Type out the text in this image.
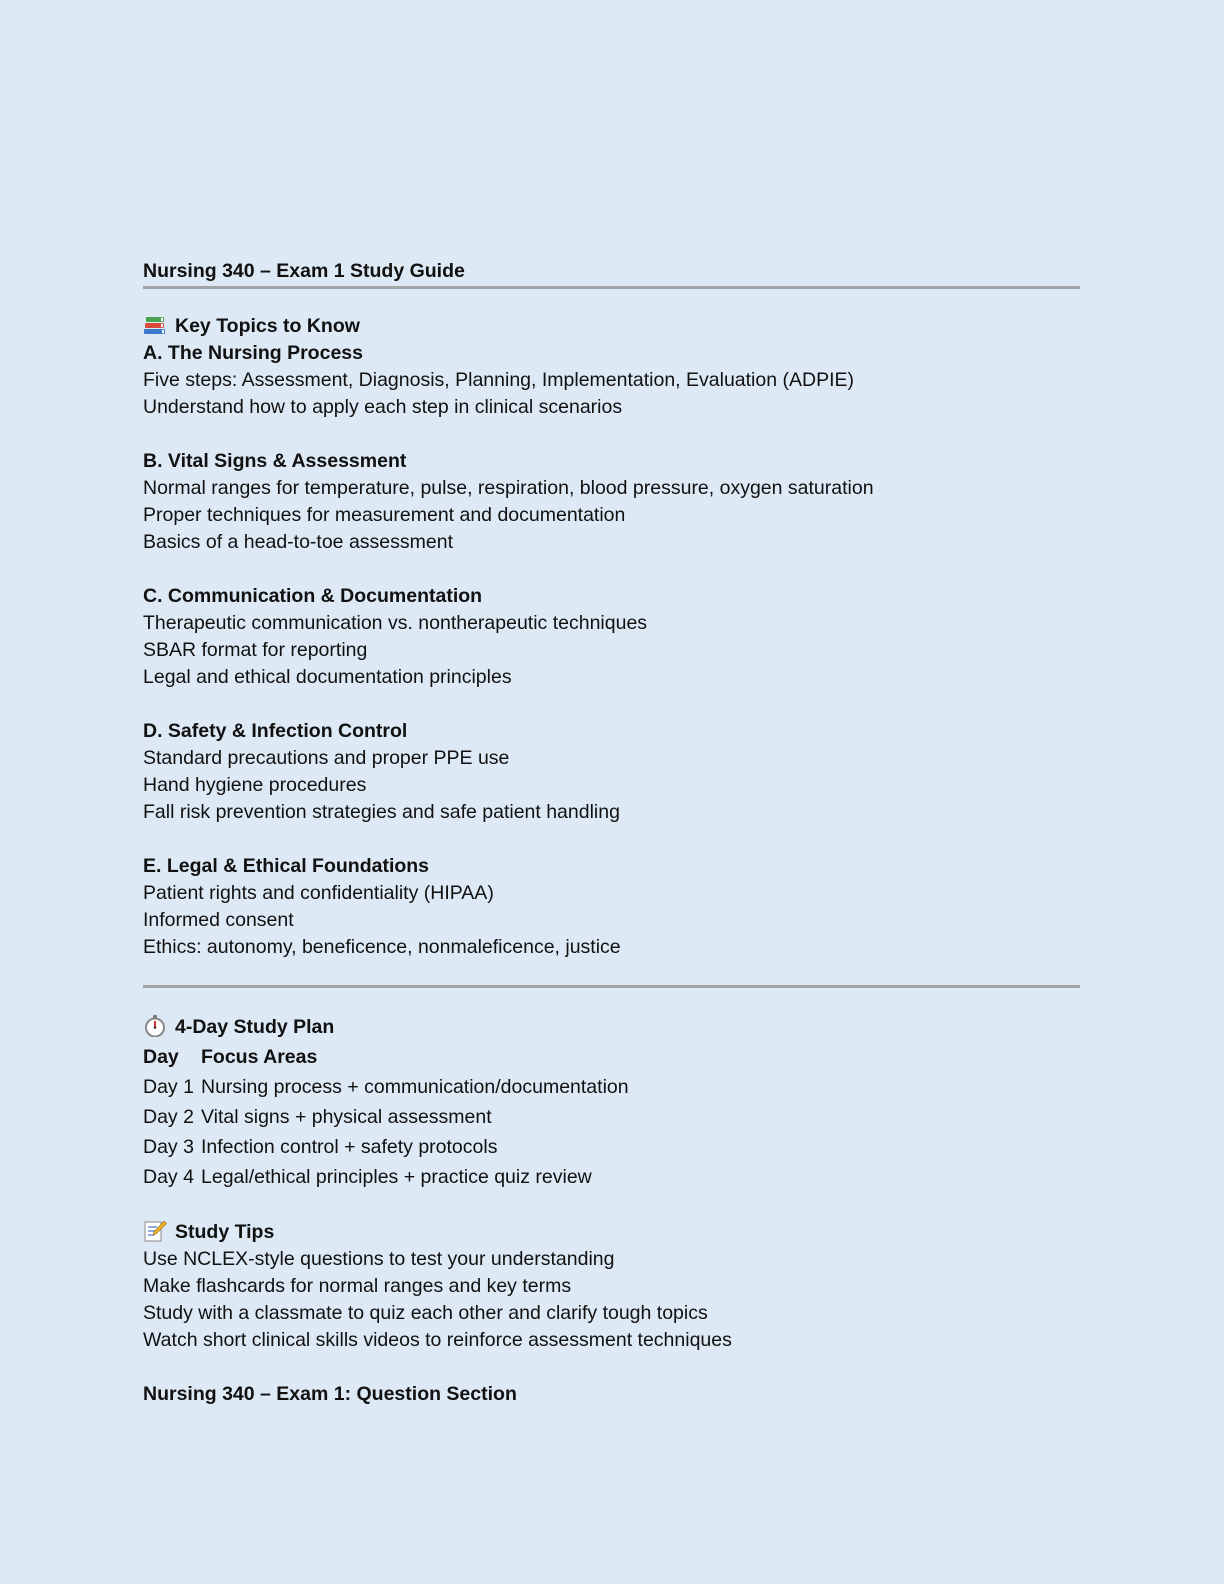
Nursing 340 – Exam 1 Study Guide
Key Topics to Know
A. The Nursing Process
Five steps: Assessment, Diagnosis, Planning, Implementation, Evaluation (ADPIE)
Understand how to apply each step in clinical scenarios
B. Vital Signs & Assessment
Normal ranges for temperature, pulse, respiration, blood pressure, oxygen saturation
Proper techniques for measurement and documentation
Basics of a head-to-toe assessment
C. Communication & Documentation
Therapeutic communication vs. nontherapeutic techniques
SBAR format for reporting
Legal and ethical documentation principles
D. Safety & Infection Control
Standard precautions and proper PPE use
Hand hygiene procedures
Fall risk prevention strategies and safe patient handling
E. Legal & Ethical Foundations
Patient rights and confidentiality (HIPAA)
Informed consent
Ethics: autonomy, beneficence, nonmaleficence, justice
4-Day Study Plan
Day	Focus Areas
Day 1 Nursing process + communication/documentation
Day 2 Vital signs + physical assessment
Day 3 Infection control + safety protocols
Day 4 Legal/ethical principles + practice quiz review
Study Tips
Use NCLEX-style questions to test your understanding
Make flashcards for normal ranges and key terms
Study with a classmate to quiz each other and clarify tough topics
Watch short clinical skills videos to reinforce assessment techniques
Nursing 340 – Exam 1: Question Section
